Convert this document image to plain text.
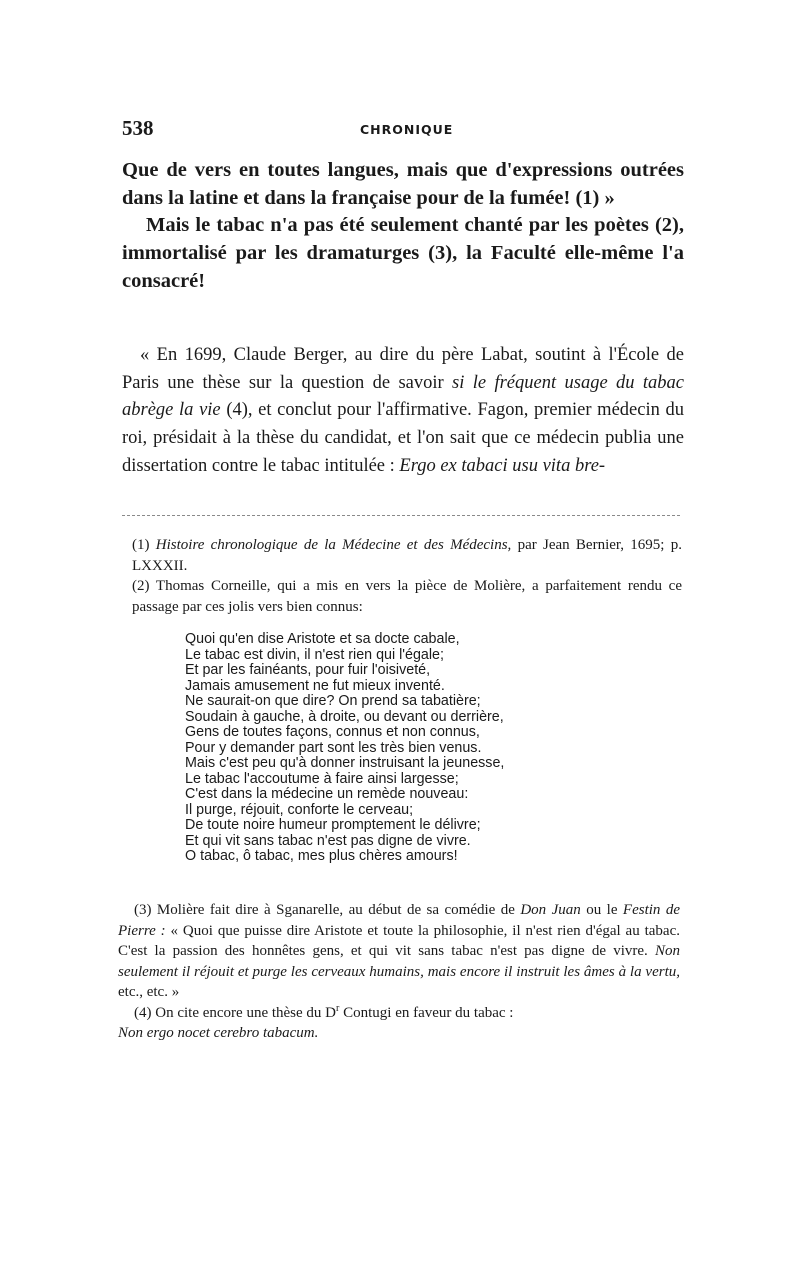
538	CHRONIQUE

Que de vers en toutes langues, mais que d'expressions outrées dans la latine et dans la française pour de la fumée! (1) »

Mais le tabac n'a pas été seulement chanté par les poètes (2), immortalisé par les dramaturges (3), la Faculté elle-même l'a consacré!

« En 1699, Claude Berger, au dire du père Labat, soutint à l'École de Paris une thèse sur la question de savoir si le fréquent usage du tabac abrège la vie (4), et conclut pour l'affirmative. Fagon, premier médecin du roi, présidait à la thèse du candidat, et l'on sait que ce médecin publia une dissertation contre le tabac intitulée : Ergo ex tabaci usu vita bre-

(1) Histoire chronologique de la Médecine et des Médecins, par Jean Bernier, 1695; p. LXXXII.

(2) Thomas Corneille, qui a mis en vers la pièce de Molière, a parfaitement rendu ce passage par ces jolis vers bien connus:

Quoi qu'en dise Aristote et sa docte cabale,
Le tabac est divin, il n'est rien qui l'égale;
Et par les fainéants, pour fuir l'oisiveté,
Jamais amusement ne fut mieux inventé.
Ne saurait-on que dire? On prend sa tabatière;
Soudain à gauche, à droite, ou devant ou derrière,
Gens de toutes façons, connus et non connus,
Pour y demander part sont les très bien venus.
Mais c'est peu qu'à donner instruisant la jeunesse,
Le tabac l'accoutume à faire ainsi largesse;
C'est dans la médecine un remède nouveau:
Il purge, réjouit, conforte le cerveau;
De toute noire humeur promptement le délivre;
Et qui vit sans tabac n'est pas digne de vivre.
O tabac, ô tabac, mes plus chères amours!

(3) Molière fait dire à Sganarelle, au début de sa comédie de Don Juan ou le Festin de Pierre : « Quoi que puisse dire Aristote et toute la philosophie, il n'est rien d'égal au tabac. C'est la passion des honnêtes gens, et qui vit sans tabac n'est pas digne de vivre. Non seulement il réjouit et purge les cerveaux humains, mais encore il instruit les âmes à la vertu, etc., etc. »

(4) On cite encore une thèse du $D^r$ Contugi en faveur du tabac :

Non ergo nocet cerebro tabacum.
